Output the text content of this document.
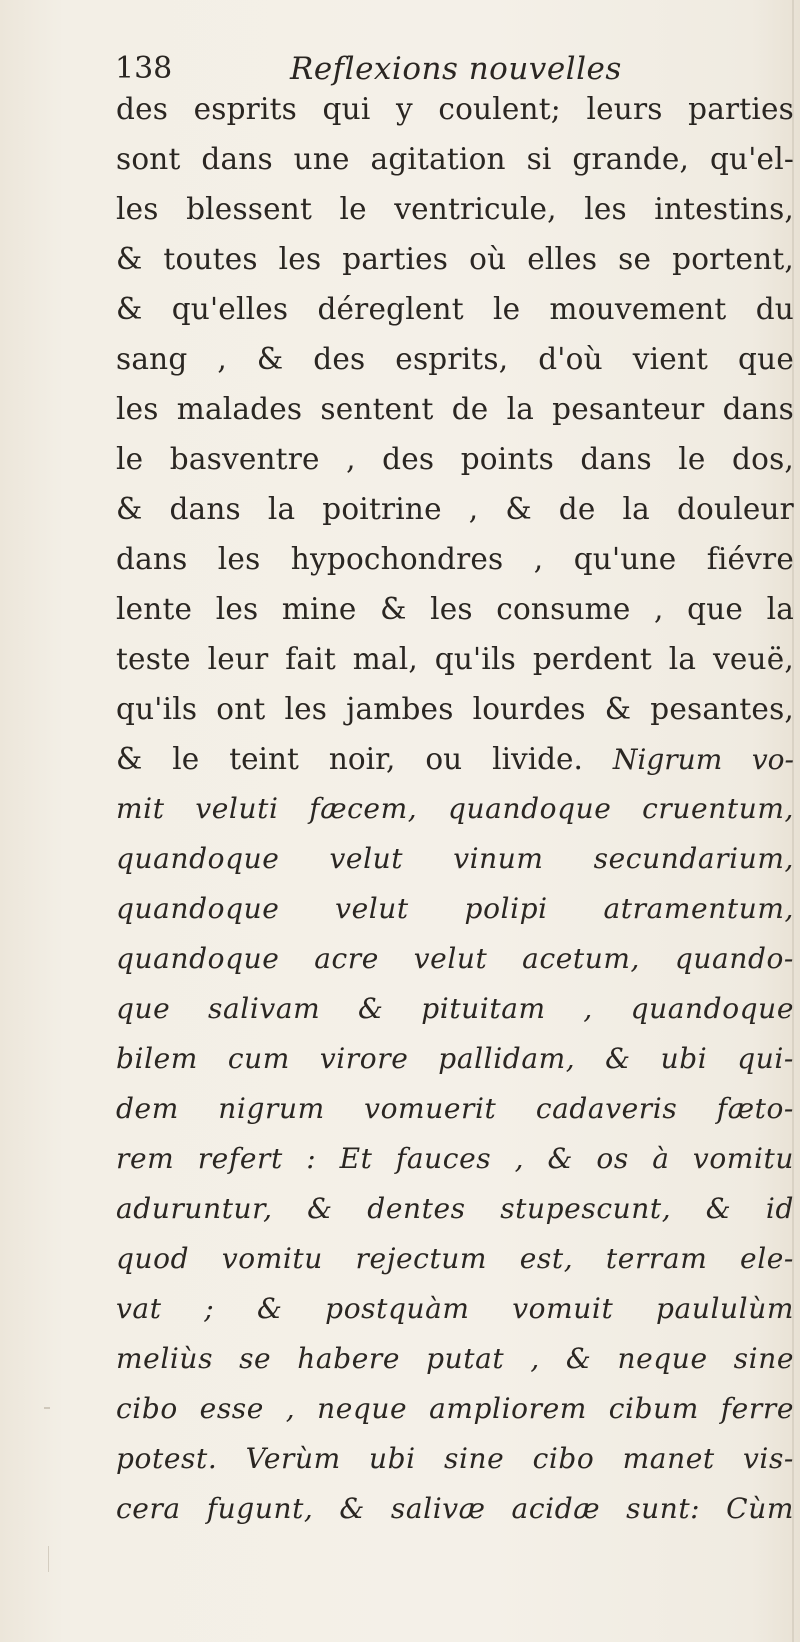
138	Reflexions nouvelles
des esprits qui y coulent; leurs parties
sont dans une agitation si grande, qu'el-
les blessent le ventricule, les intestins,
& toutes les parties où elles se portent,
& qu'elles déreglent le mouvement du
sang , & des esprits, d'où vient que
les malades sentent de la pesanteur dans
le basventre , des points dans le dos,
& dans la poitrine , & de la douleur
dans les hypochondres , qu'une fiévre
lente les mine & les consume , que la
teste leur fait mal, qu'ils perdent la veuë,
qu'ils ont les jambes lourdes & pesantes,
& le teint noir, ou livide. Nigrum vo-
mit veluti fæcem, quandoque cruentum,
quandoque velut vinum secundarium,
quandoque velut polipi atramentum,
quandoque acre velut acetum, quando-
que salivam & pituitam , quandoque
bilem cum virore pallidam, & ubi qui-
dem nigrum vomuerit cadaveris fæto-
rem refert : Et fauces , & os à vomitu
aduruntur, & dentes stupescunt, & id
quod vomitu rejectum est, terram ele-
vat ; & postquàm vomuit paululùm
meliùs se habere putat , & neque sine
cibo esse , neque ampliorem cibum ferre
potest. Verùm ubi sine cibo manet vis-
cera fugunt, & salivæ acidæ sunt: Cùm
